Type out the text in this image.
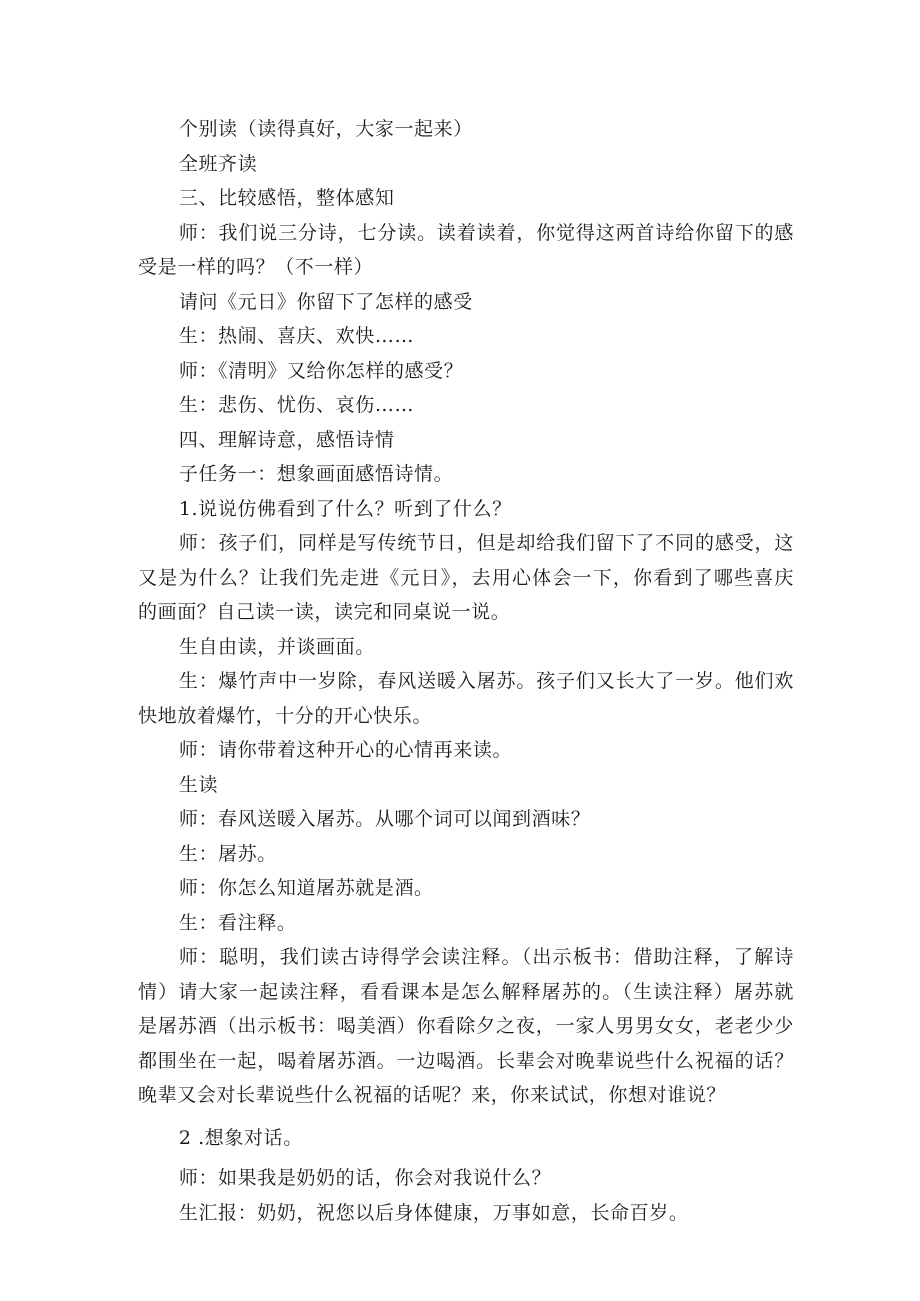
个别读（读得真好，大家一起来）

全班齐读

三、比较感悟，整体感知

师：我们说三分诗，七分读。读着读着，你觉得这两首诗给你留下的感受是一样的吗？（不一样）

请问《元日》你留下了怎样的感受

生：热闹、喜庆、欢快……

师：《清明》又给你怎样的感受？

生：悲伤、忧伤、哀伤……

四、理解诗意，感悟诗情

子任务一：想象画面感悟诗情。

1.说说仿佛看到了什么？听到了什么？

师：孩子们，同样是写传统节日，但是却给我们留下了不同的感受，这又是为什么？让我们先走进《元日》，去用心体会一下，你看到了哪些喜庆的画面？自己读一读，读完和同桌说一说。

生自由读，并谈画面。

生：爆竹声中一岁除，春风送暖入屠苏。孩子们又长大了一岁。他们欢快地放着爆竹，十分的开心快乐。

师：请你带着这种开心的心情再来读。

生读

师：春风送暖入屠苏。从哪个词可以闻到酒味？

生：屠苏。

师：你怎么知道屠苏就是酒。

生：看注释。

师：聪明，我们读古诗得学会读注释。（出示板书：借助注释，了解诗情）请大家一起读注释，看看课本是怎么解释屠苏的。（生读注释）屠苏就是屠苏酒（出示板书：喝美酒）你看除夕之夜，一家人男男女女，老老少少都围坐在一起，喝着屠苏酒。一边喝酒。长辈会对晚辈说些什么祝福的话？晚辈又会对长辈说些什么祝福的话呢？来，你来试试，你想对谁说？

2 .想象对话。

师：如果我是奶奶的话，你会对我说什么？

生汇报：奶奶，祝您以后身体健康，万事如意，长命百岁。
